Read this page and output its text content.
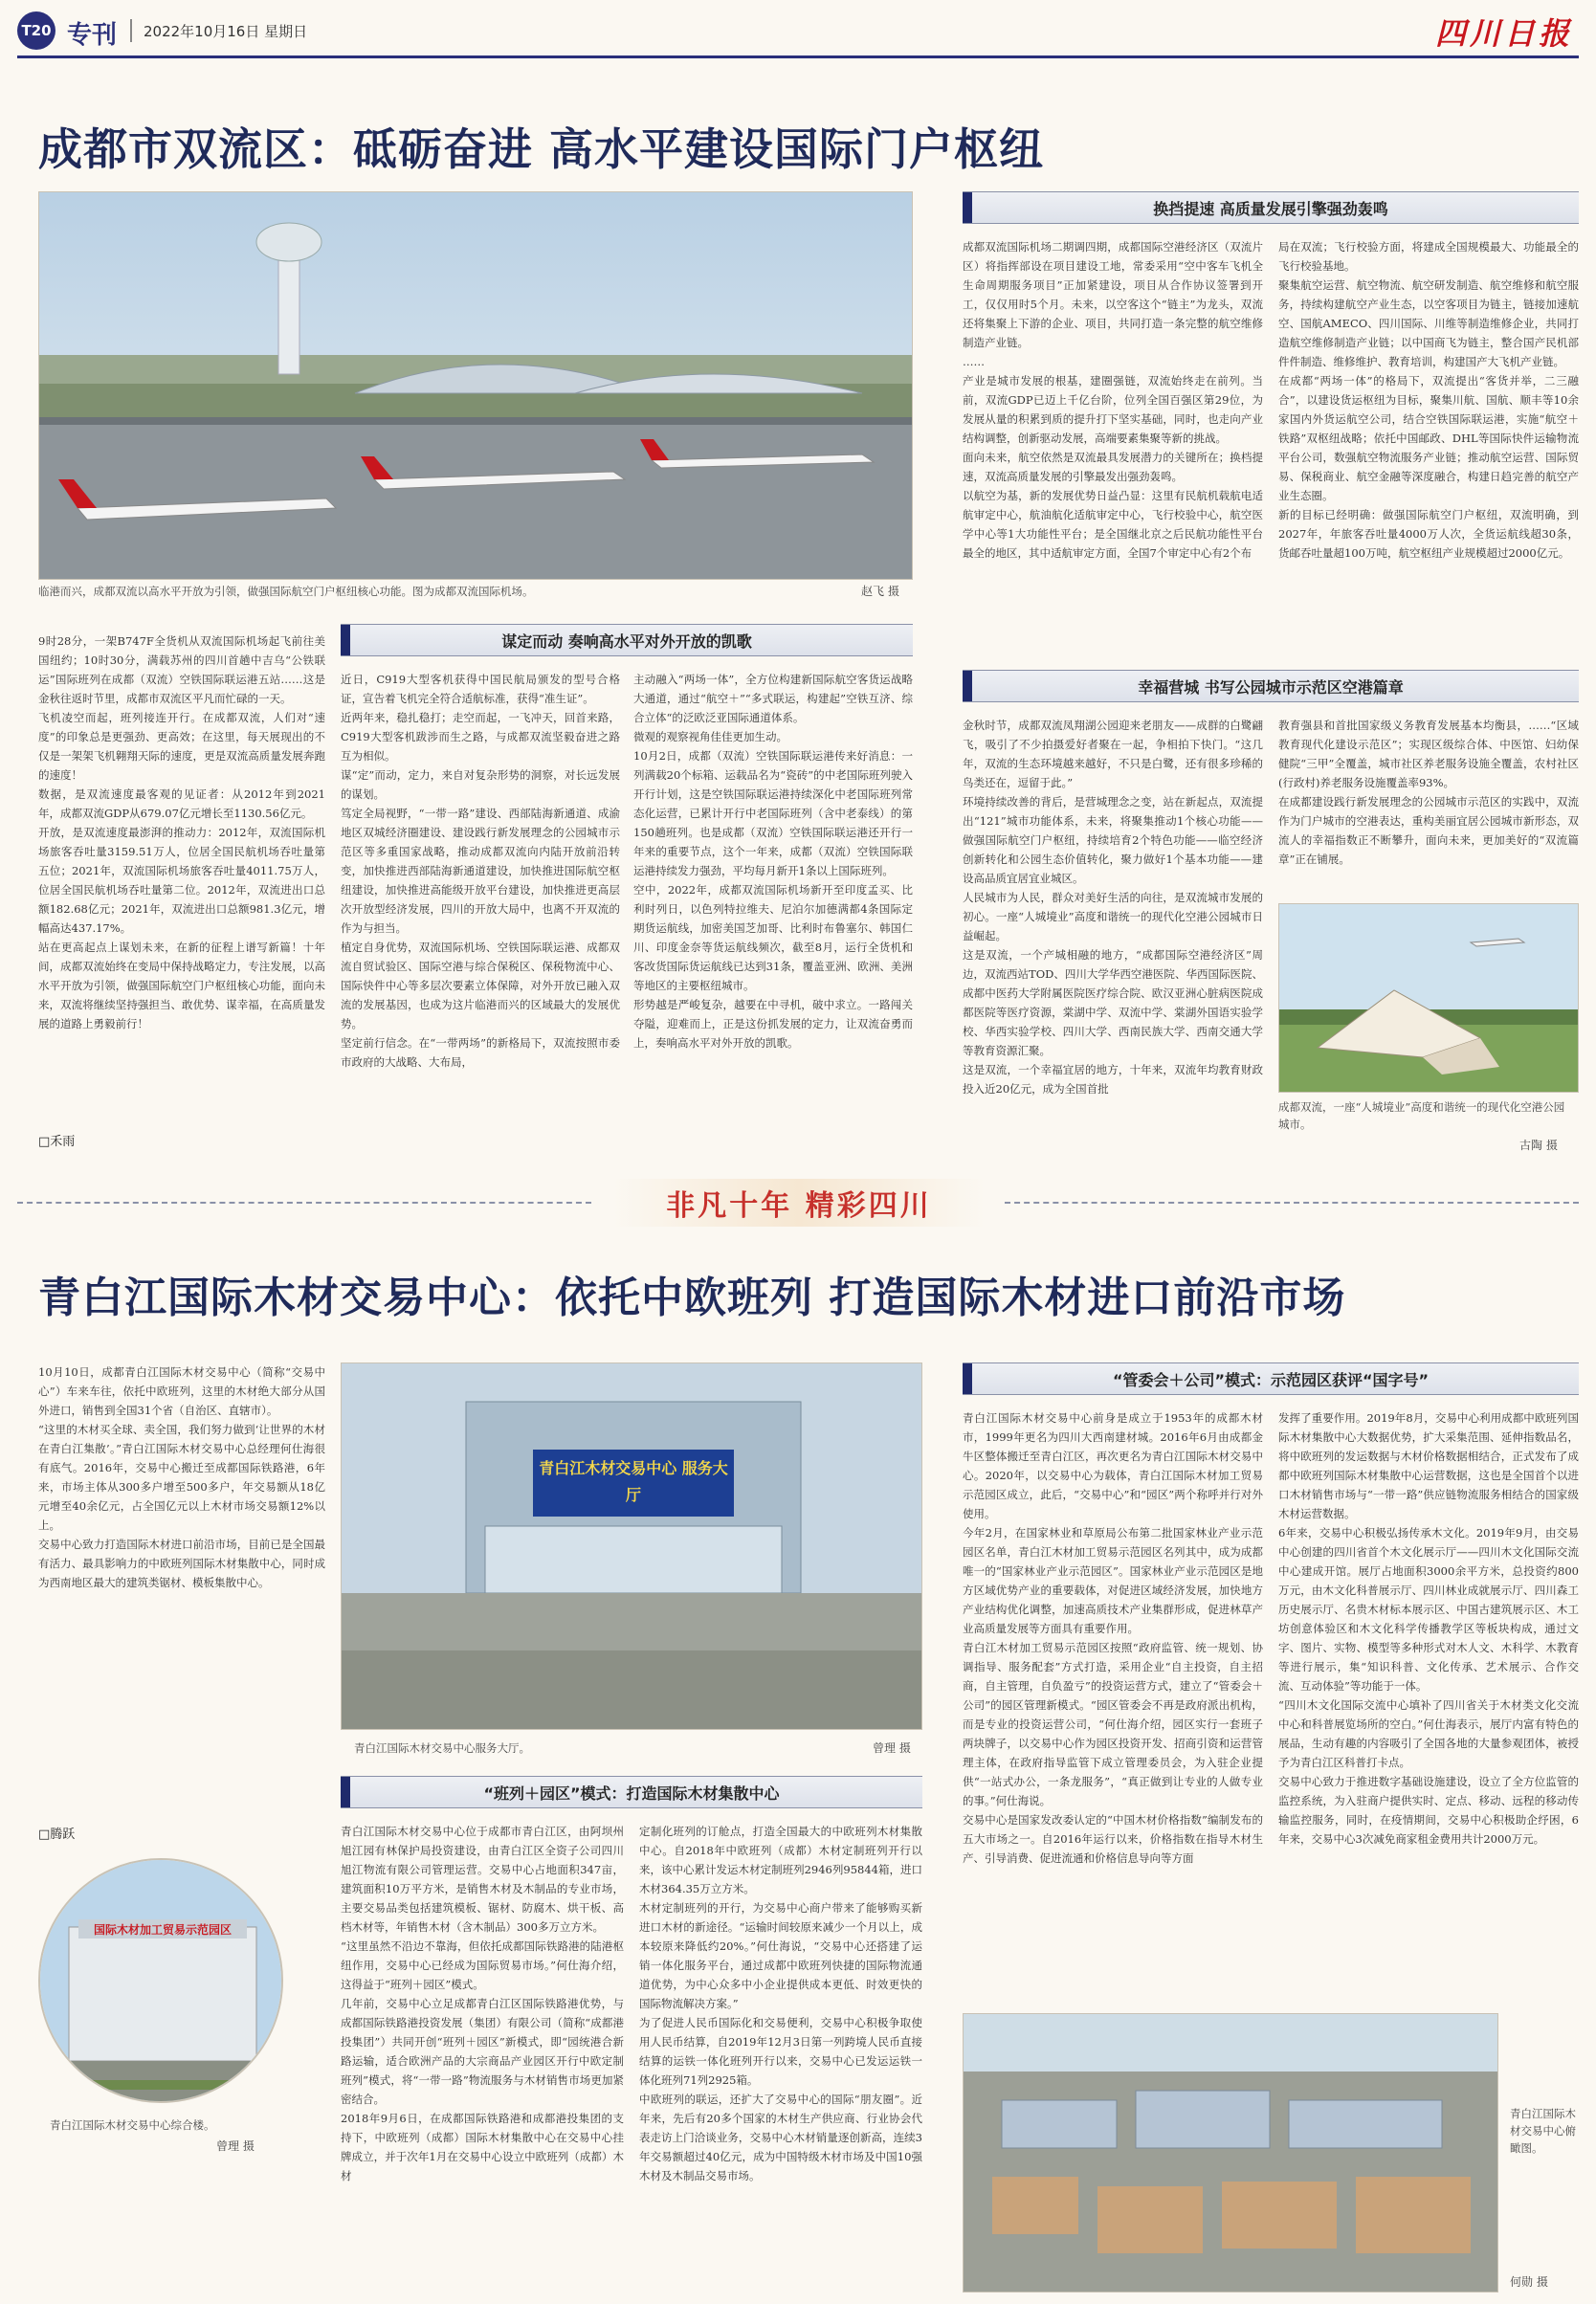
T20 专刊 2022年10月16日 星期日	四川日报
成都市双流区：砥砺奋进 高水平建设国际门户枢纽
临港而兴，成都双流以高水平开放为引领，做强国际航空门户枢纽核心功能。图为成都双流国际机场。	赵飞 摄
9时28分，一架B747F全货机从双流国际机场起飞前往美国纽约；10时30分，满载苏州的四川首趟中吉乌“公铁联运”国际班列在成都（双流）空铁国际联运港五站……这是金秋往返时节里，成都市双流区平凡而忙碌的一天。
飞机凌空而起，班列接连开行。在成都双流，人们对“速度”的印象总是更强劲、更高效；在这里，每天展现出的不仅是一架架飞机翱翔天际的速度，更是双流高质量发展奔跑的速度！
数据，是双流速度最客观的见证者：从2012年到2021年，成都双流GDP从679.07亿元增长至1130.56亿元。
开放，是双流速度最澎湃的推动力：2012年，双流国际机场旅客吞吐量3159.51万人，位居全国民航机场吞吐量第五位；2021年，双流国际机场旅客吞吐量4011.75万人，位居全国民航机场吞吐量第二位。2012年，双流进出口总额182.68亿元；2021年，双流进出口总额981.3亿元，增幅高达437.17%。
站在更高起点上谋划未来，在新的征程上谱写新篇！十年间，成都双流始终在变局中保持战略定力，专注发展，以高水平开放为引领，做强国际航空门户枢纽核心功能，面向未来，双流将继续坚持强担当、敢优势、谋幸福，在高质量发展的道路上勇毅前行！
□禾雨
谋定而动 奏响高水平对外开放的凯歌
近日，C919大型客机获得中国民航局颁发的型号合格证，宣告着飞机完全符合适航标准，获得“准生证”。
近两年来，稳扎稳打；走空而起，一飞冲天，回首来路，C919大型客机跋涉而生之路，与成都双流坚毅奋进之路互为相似。
谋“定”而动，定力，来自对复杂形势的洞察，对长远发展的谋划。
笃定全局视野，“一带一路”建设、西部陆海新通道、成渝地区双城经济圈建设、建设践行新发展理念的公园城市示范区等多重国家战略，推动成都双流向内陆开放前沿转变，加快推进西部陆海新通道建设，加快推进国际航空枢纽建设，加快推进高能级开放平台建设，加快推进更高层次开放型经济发展，四川的开放大局中，也离不开双流的作为与担当。
植定自身优势，双流国际机场、空铁国际联运港、成都双流自贸试验区、国际空港与综合保税区、保税物流中心、国际快件中心等多层次要素立体保障，对外开放已融入双流的发展基因，也成为这片临港而兴的区域最大的发展优势。
坚定前行信念。在“一带两场”的新格局下，双流按照市委市政府的大战略、大布局，
主动融入“两场一体”，全方位构建新国际航空客货运战略大通道，通过“航空＋”“多式联运，构建起”空铁互济、综合立体“的泛欧泛亚国际通道体系。
微观的观察视角佳佳更加生动。
10月2日，成都（双流）空铁国际联运港传来好消息：一列满载20个标箱、运载品名为“瓷砖”的中老国际班列驶入开行计划，这是空铁国际联运港持续深化中老国际班列常态化运营，已累计开行中老国际班列（含中老泰线）的第150趟班列。也是成都（双流）空铁国际联运港还开行一年来的重要节点，这个一年来，成都（双流）空铁国际联运港持续发力强劲，平均每月新开1条以上国际班列。
空中，2022年，成都双流国际机场新开至印度孟买、比利时列日，以色列特拉维夫、尼泊尔加德满都4条国际定期货运航线，加密美国芝加哥、比利时布鲁塞尔、韩国仁川、印度金奈等货运航线频次，截至8月，运行全货机和客改货国际货运航线已达到31条，覆盖亚洲、欧洲、美洲等地区的主要枢纽城市。
形势越是严峻复杂，越要在中寻机，破中求立。一路闯关夺隘，迎难而上，正是这份抓发展的定力，让双流奋勇而上，奏响高水平对外开放的凯歌。
换挡提速 高质量发展引擎强劲轰鸣
成都双流国际机场二期调四期，成都国际空港经济区（双流片区）将指挥部设在项目建设工地，常委采用“空中客车飞机全生命周期服务项目”正加紧建设，项目从合作协议签署到开工，仅仅用时5个月。未来，以空客这个“链主”为龙头，双流还将集聚上下游的企业、项目，共同打造一条完整的航空维修制造产业链。
……
产业是城市发展的根基，建圈强链，双流始终走在前列。当前，双流GDP已迈上千亿台阶，位列全国百强区第29位，为发展从量的积累到质的提升打下坚实基础，同时，也走向产业结构调整，创新驱动发展，高端要素集聚等新的挑战。
面向未来，航空依然是双流最具发展潜力的关键所在；换档提速，双流高质量发展的引擎最发出强劲轰鸣。
以航空为基，新的发展优势日益凸显：这里有民航机载航电适航审定中心，航油航化适航审定中心，飞行校验中心，航空医学中心等1大功能性平台；是全国继北京之后民航功能性平台最全的地区，其中适航审定方面，全国7个审定中心有2个布
局在双流；飞行校验方面，将建成全国规模最大、功能最全的飞行校验基地。
聚集航空运营、航空物流、航空研发制造、航空维修和航空服务，持续构建航空产业生态，以空客项目为链主，链接加速航空、国航AMECO、四川国际、川维等制造维修企业，共同打造航空维修制造产业链；以中国商飞为链主，整合国产民机部件件制造、维修维护、教育培训，构建国产大飞机产业链。
在成都“两场一体”的格局下，双流提出“客货并举，二三融合”，以建设货运枢纽为目标，聚集川航、国航、顺丰等10余家国内外货运航空公司，结合空铁国际联运港，实施“航空＋铁路”双枢纽战略；依托中国邮政、DHL等国际快件运输物流平台公司，数强航空物流服务产业链；推动航空运营、国际贸易、保税商业、航空金融等深度融合，构建日趋完善的航空产业生态圈。
新的目标已经明确：做强国际航空门户枢纽，双流明确，到2027年，年旅客吞吐量4000万人次，全货运航线超30条，货邮吞吐量超100万吨，航空枢纽产业规模超过2000亿元。
幸福营城 书写公园城市示范区空港篇章
金秋时节，成都双流凤翔湖公园迎来老朋友——成群的白鹭翩飞，吸引了不少拍摄爱好者聚在一起，争相拍下快门。“这几年，双流的生态环境越来越好，不只是白鹭，还有很多珍稀的鸟类还在，逗留于此。”
环境持续改善的背后，是营城理念之变，站在新起点，双流提出“121”城市功能体系，未来，将聚集推动1个核心功能——做强国际航空门户枢纽，持续培育2个特色功能——临空经济创新转化和公园生态价值转化，聚力做好1个基本功能——建设高品质宜居宜业城区。
人民城市为人民，群众对美好生活的向往，是双流城市发展的初心。一座“人城境业”高度和谐统一的现代化空港公园城市日益崛起。
这是双流，一个产城相融的地方，“成都国际空港经济区”周边，双流西站TOD、四川大学华西空港医院、华西国际医院、成都中医药大学附属医院医疗综合院、欧汉亚洲心脏病医院成都医院等医疗资源，棠湖中学、双流中学、棠湖外国语实验学校、华西实验学校、四川大学、西南民族大学、西南交通大学等教育资源汇聚。
这是双流，一个幸福宜居的地方，十年来，双流年均教育财政投入近20亿元，成为全国首批
教育强县和首批国家级义务教育发展基本均衡县，……“区域教育现代化建设示范区”；实现区级综合体、中医馆、妇幼保健院“三甲”全覆盖，城市社区养老服务设施全覆盖，农村社区(行政村)养老服务设施覆盖率93%。
在成都建设践行新发展理念的公园城市示范区的实践中，双流作为门户城市的空港表达，重构美丽宜居公园城市新形态，双流人的幸福指数正不断攀升，面向未来，更加美好的“双流篇章”正在铺展。
成都双流，一座“人城境业”高度和谐统一的现代化空港公园城市。
古陶 摄
非凡十年 精彩四川
青白江国际木材交易中心：依托中欧班列 打造国际木材进口前沿市场
10月10日，成都青白江国际木材交易中心（简称“交易中心”）车来车往，依托中欧班列，这里的木材绝大部分从国外进口，销售到全国31个省（自治区、直辖市）。
“这里的木材买全球、卖全国，我们努力做到‘让世界的木材在青白江集散’。”青白江国际木材交易中心总经理何仕海很有底气。2016年，交易中心搬迁至成都国际铁路港，6年来，市场主体从300多户增至500多户，年交易额从18亿元增至40余亿元，占全国亿元以上木材市场交易额12%以上。
交易中心致力打造国际木材进口前沿市场，目前已是全国最有活力、最具影响力的中欧班列国际木材集散中心，同时成为西南地区最大的建筑类锯材、模板集散中心。
□腾跃
国际木材加工贸易示范园区
青白江国际木材交易中心综合楼。
曾理 摄
青白江木材交易中心 服务大厅
青白江国际木材交易中心服务大厅。	曾理 摄
“班列＋园区”模式：打造国际木材集散中心
青白江国际木材交易中心位于成都市青白江区，由阿坝州旭江园有林保护局投资建设，由青白江区全资子公司四川旭江物流有限公司管理运营。交易中心占地面积347亩，建筑面积10万平方米，是销售木材及木制品的专业市场，主要交易品类包括建筑模板、锯材、防腐木、烘干板、高档木材等，年销售木材（含木制品）300多万立方米。
“这里虽然不沿边不靠海，但依托成都国际铁路港的陆港枢纽作用，交易中心已经成为国际贸易市场。”何仕海介绍，这得益于“班列＋园区”模式。
几年前，交易中心立足成都青白江区国际铁路港优势，与成都国际铁路港投资发展（集团）有限公司（简称“成都港投集团”）共同开创“班列＋园区”新模式，即“园统港合新路运输，适合欧洲产品的大宗商品产业园区开行中欧定制班列”模式，将“一带一路”物流服务与木材销售市场更加紧密结合。
2018年9月6日，在成都国际铁路港和成都港投集团的支持下，中欧班列（成都）国际木材集散中心在交易中心挂牌成立，并于次年1月在交易中心设立中欧班列（成都）木材
定制化班列的订舱点，打造全国最大的中欧班列木材集散中心。自2018年中欧班列（成都）木材定制班列开行以来，该中心累计发运木材定制班列2946列95844箱，进口木材364.35万立方米。
木材定制班列的开行，为交易中心商户带来了能够购买新进口木材的新途径。“运输时间较原来减少一个月以上，成本较原来降低约20%。”何仕海说，“交易中心还搭建了运销一体化服务平台，通过成都中欧班列快捷的国际物流通道优势，为中心众多中小企业提供成本更低、时效更快的国际物流解决方案。”
为了促进人民币国际化和交易便利，交易中心积极争取使用人民币结算，自2019年12月3日第一列跨境人民币直接结算的运铁一体化班列开行以来，交易中心已发运运铁一体化班列71列2925箱。
中欧班列的联运，还扩大了交易中心的国际“朋友圈”。近年来，先后有20多个国家的木材生产供应商、行业协会代表走访上门洽谈业务，交易中心木材销量逐创新高，连续3年交易额超过40亿元，成为中国特级木材市场及中国10强木材及木制品交易市场。
“管委会＋公司”模式：示范园区获评“国字号”
青白江国际木材交易中心前身是成立于1953年的成都木材市，1999年更名为四川大西南建材城。2016年6月由成都金牛区整体搬迁至青白江区，再次更名为青白江国际木材交易中心。2020年，以交易中心为载体，青白江国际木材加工贸易示范园区成立，此后，“交易中心”和“园区”两个称呼并行对外使用。
今年2月，在国家林业和草原局公布第二批国家林业产业示范园区名单，青白江木材加工贸易示范园区名列其中，成为成都唯一的“国家林业产业示范园区”。国家林业产业示范园区是地方区域优势产业的重要载体，对促进区域经济发展，加快地方产业结构优化调整，加速高质技术产业集群形成，促进林草产业高质量发展等方面具有重要作用。
青白江木材加工贸易示范园区按照“政府监管、统一规划、协调指导、服务配套”方式打造，采用企业“自主投资，自主招商，自主管理，自负盈亏”的投资运营方式，建立了“管委会＋公司”的园区管理新模式。“园区管委会不再是政府派出机构，而是专业的投资运营公司，“何仕海介绍，园区实行一套班子两块牌子，以交易中心作为园区投资开发、招商引资和运营管理主体，在政府指导监管下成立管理委员会，为入驻企业提供“一站式办公，一条龙服务”，“真正做到让专业的人做专业的事。”何仕海说。
交易中心是国家发改委认定的“中国木材价格指数”编制发布的五大市场之一。自2016年运行以来，价格指数在指导木材生产、引导消费、促进流通和价格信息导向等方面
发挥了重要作用。2019年8月，交易中心利用成都中欧班列国际木材集散中心大数据优势，扩大采集范围、延伸指数品名，将中欧班列的发运数据与木材价格数据相结合，正式发布了成都中欧班列国际木材集散中心运营数据，这也是全国首个以进口木材销售市场与“一带一路”供应链物流服务相结合的国家级木材运营数据。
6年来，交易中心积极弘扬传承木文化。2019年9月，由交易中心创建的四川省首个木文化展示厅——四川木文化国际交流中心建成开馆。展厅占地面积3000余平方米，总投资约800万元，由木文化科普展示厅、四川林业成就展示厅、四川森工历史展示厅、名贵木材标本展示区、中国古建筑展示区、木工坊创意体验区和木文化科学传播教学区等板块构成，通过文字、图片、实物、模型等多种形式对木人文、木科学、木教育等进行展示，集“知识科普、文化传承、艺术展示、合作交流、互动体验”等功能于一体。
“四川木文化国际交流中心填补了四川省关于木材类文化交流中心和科普展览场所的空白。”何仕海表示，展厅内富有特色的展品，生动有趣的内容吸引了全国各地的大量参观团体，被授予为青白江区科普打卡点。
交易中心致力于推进数字基础设施建设，设立了全方位监管的监控系统，为入驻商户提供实时、定点、移动、远程的移动传输监控服务，同时，在疫情期间，交易中心积极助企纾困，6年来，交易中心3次减免商家租金费用共计2000万元。
青白江国际木材交易中心俯瞰图。
何勋 摄
